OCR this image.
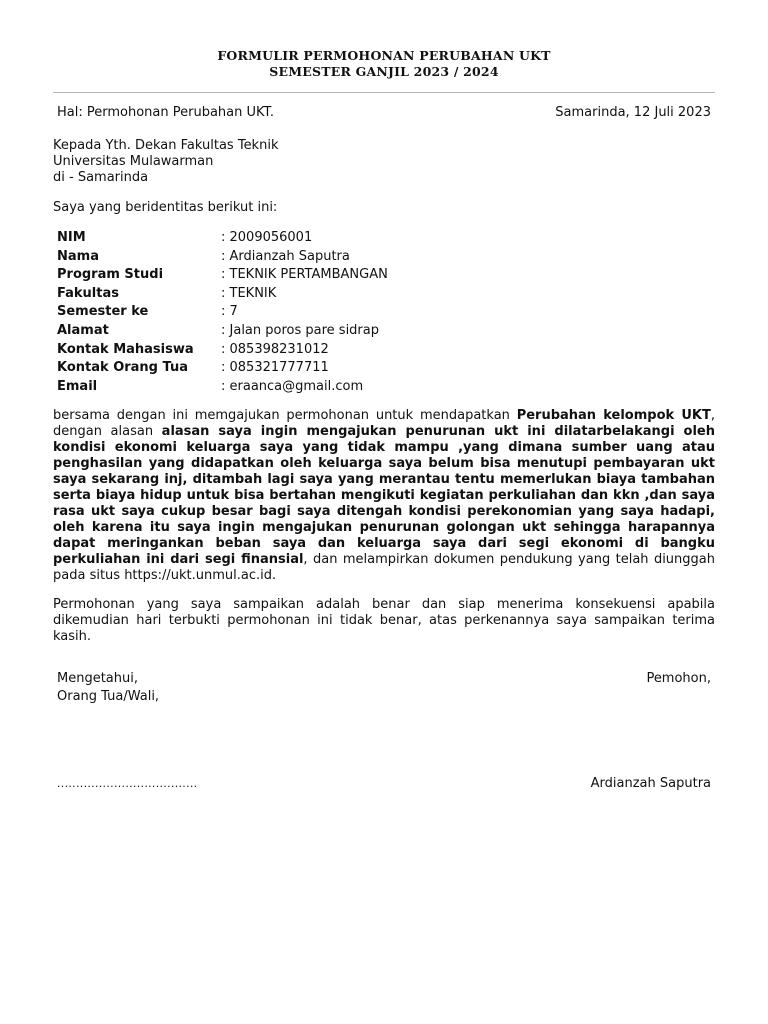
FORMULIR PERMOHONAN PERUBAHAN UKT
SEMESTER GANJIL 2023 / 2024
Hal: Permohonan Perubahan UKT.	Samarinda, 12 Juli 2023
Kepada Yth. Dekan Fakultas Teknik
Universitas Mulawarman
di - Samarinda
Saya yang beridentitas berikut ini:
NIM	: 2009056001
Nama	: Ardianzah Saputra
Program Studi	: TEKNIK PERTAMBANGAN
Fakultas	: TEKNIK
Semester ke	: 7
Alamat	: Jalan poros pare sidrap
Kontak Mahasiswa	: 085398231012
Kontak Orang Tua	: 085321777711
Email	: eraanca@gmail.com
bersama dengan ini memgajukan permohonan untuk mendapatkan Perubahan kelompok UKT, dengan alasan alasan saya ingin mengajukan penurunan ukt ini dilatarbelakangi oleh kondisi ekonomi keluarga saya yang tidak mampu ,yang dimana sumber uang atau penghasilan yang didapatkan oleh keluarga saya belum bisa menutupi pembayaran ukt saya sekarang inj, ditambah lagi saya yang merantau tentu memerlukan biaya tambahan serta biaya hidup untuk bisa bertahan mengikuti kegiatan perkuliahan dan kkn ,dan saya rasa ukt saya cukup besar bagi saya ditengah kondisi perekonomian yang saya hadapi, oleh karena itu saya ingin mengajukan penurunan golongan ukt sehingga harapannya dapat meringankan beban saya dan keluarga saya dari segi ekonomi di bangku perkuliahan ini dari segi finansial, dan melampirkan dokumen pendukung yang telah diunggah pada situs https://ukt.unmul.ac.id.
Permohonan yang saya sampaikan adalah benar dan siap menerima konsekuensi apabila dikemudian hari terbukti permohonan ini tidak benar, atas perkenannya saya sampaikan terima kasih.
Mengetahui,
Orang Tua/Wali,
Pemohon,
.....................................	Ardianzah Saputra
